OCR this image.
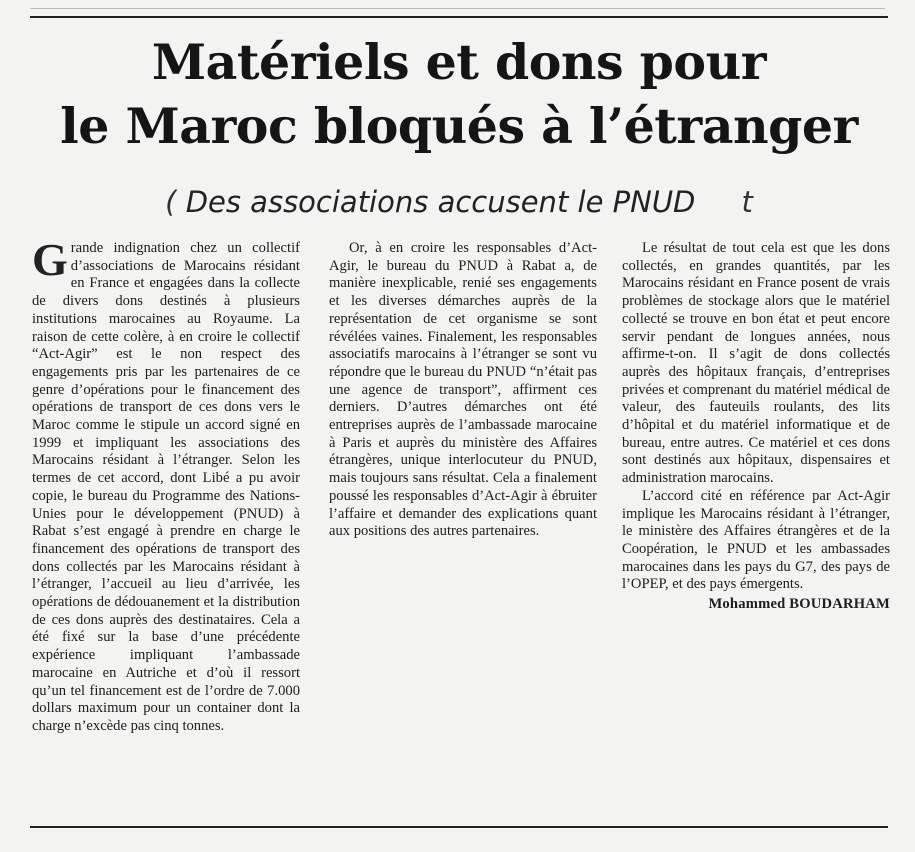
Matériels et dons pour
le Maroc bloqués à l’étranger
( Des associations accusent le PNUD t

Grande indignation chez un collectif d’associations de Marocains résidant en France et engagées dans la collecte de divers dons destinés à plusieurs institutions marocaines au Royaume. La raison de cette colère, à en croire le collectif “Act-Agir” est le non respect des engagements pris par les partenaires de ce genre d’opérations pour le financement des opérations de transport de ces dons vers le Maroc comme le stipule un accord signé en 1999 et impliquant les associations des Marocains résidant à l’étranger. Selon les termes de cet accord, dont Libé a pu avoir copie, le bureau du Programme des Nations-Unies pour le développement (PNUD) à Rabat s’est engagé à prendre en charge le financement des opérations de transport des dons collectés par les Marocains résidant à l’étranger, l’accueil au lieu d’arrivée, les opérations de dédouanement et la distribution de ces dons auprès des destinataires. Cela a été fixé sur la base d’une précédente expérience impliquant l’ambassade marocaine en Autriche et d’où il ressort qu’un tel financement est de l’ordre de 7.000 dollars maximum pour un container dont la charge n’excède pas cinq tonnes.

Or, à en croire les responsables d’Act-Agir, le bureau du PNUD à Rabat a, de manière inexplicable, renié ses engagements et les diverses démarches auprès de la représentation de cet organisme se sont révélées vaines. Finalement, les responsables associatifs marocains à l’étranger se sont vu répondre que le bureau du PNUD “n’était pas une agence de transport”, affirment ces derniers. D’autres démarches ont été entreprises auprès de l’ambassade marocaine à Paris et auprès du ministère des Affaires étrangères, unique interlocuteur du PNUD, mais toujours sans résultat. Cela a finalement poussé les responsables d’Act-Agir à ébruiter l’affaire et demander des explications quant aux positions des autres partenaires.

Le résultat de tout cela est que les dons collectés, en grandes quantités, par les Marocains résidant en France posent de vrais problèmes de stockage alors que le matériel collecté se trouve en bon état et peut encore servir pendant de longues années, nous affirme-t-on. Il s’agit de dons collectés auprès des hôpitaux français, d’entreprises privées et comprenant du matériel médical de valeur, des fauteuils roulants, des lits d’hôpital et du matériel informatique et de bureau, entre autres. Ce matériel et ces dons sont destinés aux hôpitaux, dispensaires et administration marocains.

L’accord cité en référence par Act-Agir implique les Marocains résidant à l’étranger, le ministère des Affaires étrangères et de la Coopération, le PNUD et les ambassades marocaines dans les pays du G7, des pays de l’OPEP, et des pays émergents.

Mohammed BOUDARHAM
